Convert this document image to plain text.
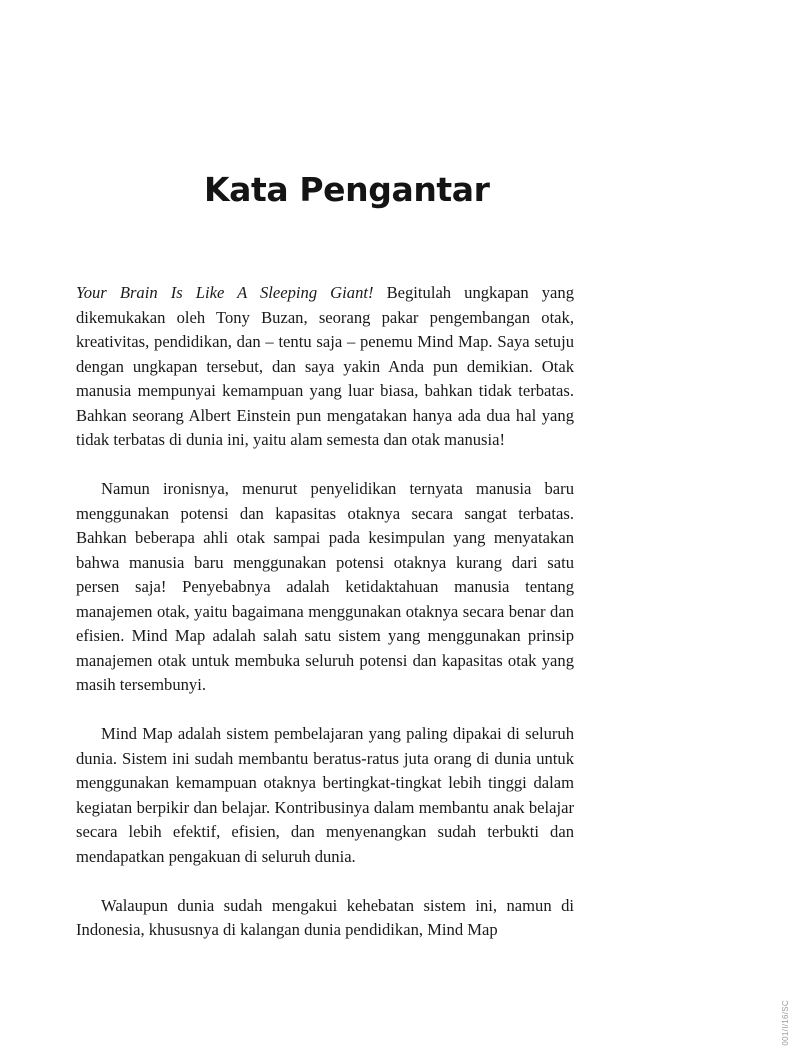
Kata Pengantar

Your Brain Is Like A Sleeping Giant! Begitulah ungkapan yang dikemukakan oleh Tony Buzan, seorang pakar pengembangan otak, kreativitas, pendidikan, dan – tentu saja – penemu Mind Map. Saya setuju dengan ungkapan tersebut, dan saya yakin Anda pun demikian. Otak manusia mempunyai kemampuan yang luar biasa, bahkan tidak terbatas. Bahkan seorang Albert Einstein pun mengatakan hanya ada dua hal yang tidak terbatas di dunia ini, yaitu alam semesta dan otak manusia!

Namun ironisnya, menurut penyelidikan ternyata manusia baru menggunakan potensi dan kapasitas otaknya secara sangat terbatas. Bahkan beberapa ahli otak sampai pada kesimpulan yang menyatakan bahwa manusia baru menggunakan potensi otaknya kurang dari satu persen saja! Penyebabnya adalah ketidaktahuan manusia tentang manajemen otak, yaitu bagaimana menggunakan otaknya secara benar dan efisien. Mind Map adalah salah satu sistem yang menggunakan prinsip manajemen otak untuk membuka seluruh potensi dan kapasitas otak yang masih tersembunyi.

Mind Map adalah sistem pembelajaran yang paling dipakai di seluruh dunia. Sistem ini sudah membantu beratus-ratus juta orang di dunia untuk menggunakan kemampuan otaknya bertingkat-tingkat lebih tinggi dalam kegiatan berpikir dan belajar. Kontribusinya dalam membantu anak belajar secara lebih efektif, efisien, dan menyenangkan sudah terbukti dan mendapatkan pengakuan di seluruh dunia.

Walaupun dunia sudah mengakui kehebatan sistem ini, namun di Indonesia, khususnya di kalangan dunia pendidikan, Mind Map

001/I/16/SC
